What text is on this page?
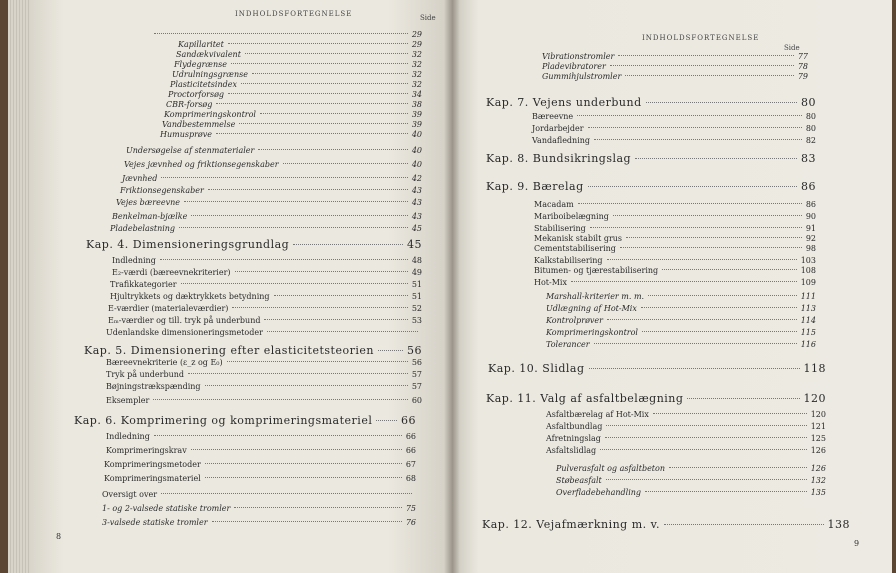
INDHOLDSFORTEGNELSE	Side
29
Kapillaritet	29
Sandækvivalent	32
Flydegrænse	32
Udrulningsgrænse	32
Plasticitetsindex	32
Proctorforsøg	34
CBR-forsøg	38
Komprimeringskontrol	39
Vandbestemmelse	39
Humusprøve	40
Undersøgelse af stenmaterialer	40
Vejes jævnhed og friktionsegenskaber	40
Jævnhed	42
Friktionsegenskaber	43
Vejes bæreevne	43
Benkelman-bjælke	43
Pladebelastning	45
Kap. 4. Dimensioneringsgrundlag	45
Indledning	48
E₂-værdi (bæreevnekriterier)	49
Trafikkategorier	51
Hjultrykkets og dæktrykkets betydning	51
E-værdier (materialeværdier)	52
Eₘ-værdier og till. tryk på underbund	53
Udenlandske dimensioneringsmetoder
Kap. 5. Dimensionering efter elasticitetsteorien	56
Bæreevnekriterie (ε_z og E₀)	56
Tryk på underbund	57
Bøjningstrækspænding	57
Eksempler	60
Kap. 6. Komprimering og komprimeringsmateriel	66
Indledning	66
Komprimeringskrav	66
Komprimeringsmetoder	67
Komprimeringsmateriel	68
Oversigt over
1- og 2-valsede statiske tromler	75
3-valsede statiske tromler	76
8
INDHOLDSFORTEGNELSE
Side
Vibrationstromler	77
Pladevibratorer	78
Gummihjulstromler	79
Kap. 7. Vejens underbund	80
Bæreevne	80
Jordarbejder	80
Vandafledning	82
Kap. 8. Bundsikringslag	83
Kap. 9. Bærelag	86
Macadam	86
Mariboibelægning	90
Stabilisering	91
Mekanisk stabilt grus	92
Cementstabilisering	98
Kalkstabilisering	103
Bitumen- og tjærestabilisering	108
Hot-Mix	109
Marshall-kriterier m. m.	111
Udlægning af Hot-Mix	113
Kontrolprøver	114
Komprimeringskontrol	115
Tolerancer	116
Kap. 10. Slidlag	118
Kap. 11. Valg af asfaltbelægning	120
Asfaltbærelag af Hot-Mix	120
Asfaltbundlag	121
Afretningslag	125
Asfaltslidlag	126
Pulverasfalt og asfaltbeton	126
Støbeasfalt	132
Overfladebehandling	135
Kap. 12. Vejafmærkning m. v.	138
9
